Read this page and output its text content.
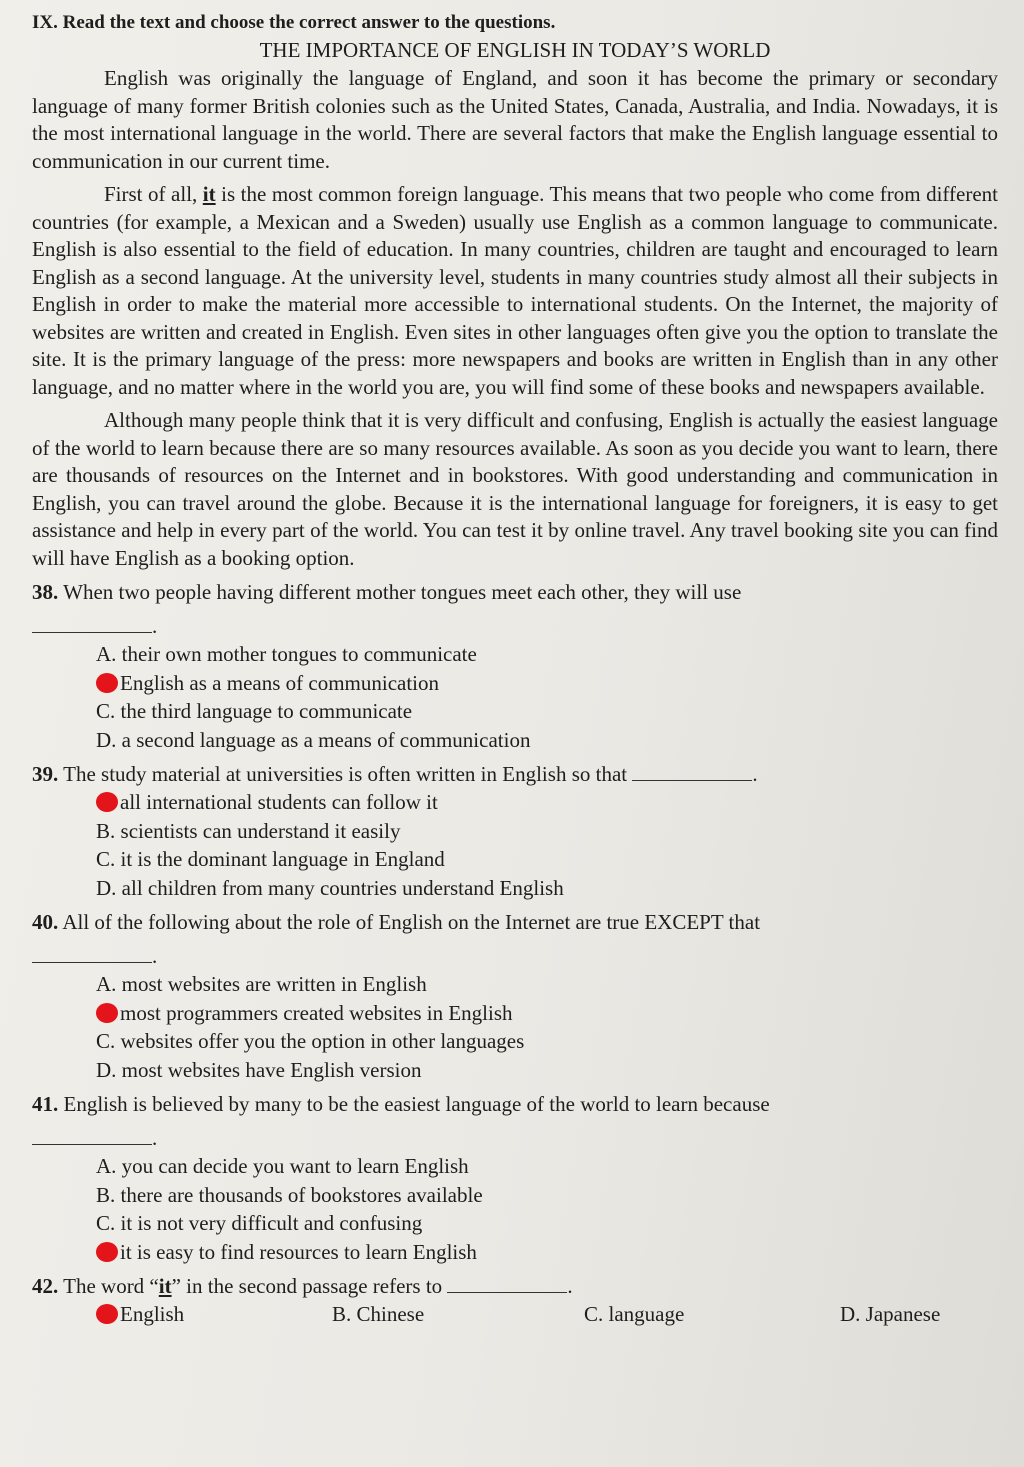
IX. Read the text and choose the correct answer to the questions.
THE IMPORTANCE OF ENGLISH IN TODAY’S WORLD

English was originally the language of England, and soon it has become the primary or secondary language of many former British colonies such as the United States, Canada, Australia, and India. Nowadays, it is the most international language in the world. There are several factors that make the English language essential to communication in our current time.

First of all, it is the most common foreign language. This means that two people who come from different countries (for example, a Mexican and a Sweden) usually use English as a common language to communicate. English is also essential to the field of education. In many countries, children are taught and encouraged to learn English as a second language. At the university level, students in many countries study almost all their subjects in English in order to make the material more accessible to international students. On the Internet, the majority of websites are written and created in English. Even sites in other languages often give you the option to translate the site. It is the primary language of the press: more newspapers and books are written in English than in any other language, and no matter where in the world you are, you will find some of these books and newspapers available.

Although many people think that it is very difficult and confusing, English is actually the easiest language of the world to learn because there are so many resources available. As soon as you decide you want to learn, there are thousands of resources on the Internet and in bookstores. With good understanding and communication in English, you can travel around the globe. Because it is the international language for foreigners, it is easy to get assistance and help in every part of the world. You can test it by online travel. Any travel booking site you can find will have English as a booking option.

38. When two people having different mother tongues meet each other, they will use
.
A. their own mother tongues to communicate
English as a means of communication
C. the third language to communicate
D. a second language as a means of communication
39. The study material at universities is often written in English so that	.
all international students can follow it
B. scientists can understand it easily
C. it is the dominant language in England
D. all children from many countries understand English
40. All of the following about the role of English on the Internet are true EXCEPT that
.
A. most websites are written in English
most programmers created websites in English
C. websites offer you the option in other languages
D. most websites have English version
41. English is believed by many to be the easiest language of the world to learn because
.
A. you can decide you want to learn English
B. there are thousands of bookstores available
C. it is not very difficult and confusing
it is easy to find resources to learn English
42. The word “it” in the second passage refers to	.
English	B. Chinese	C. language	D. Japanese
